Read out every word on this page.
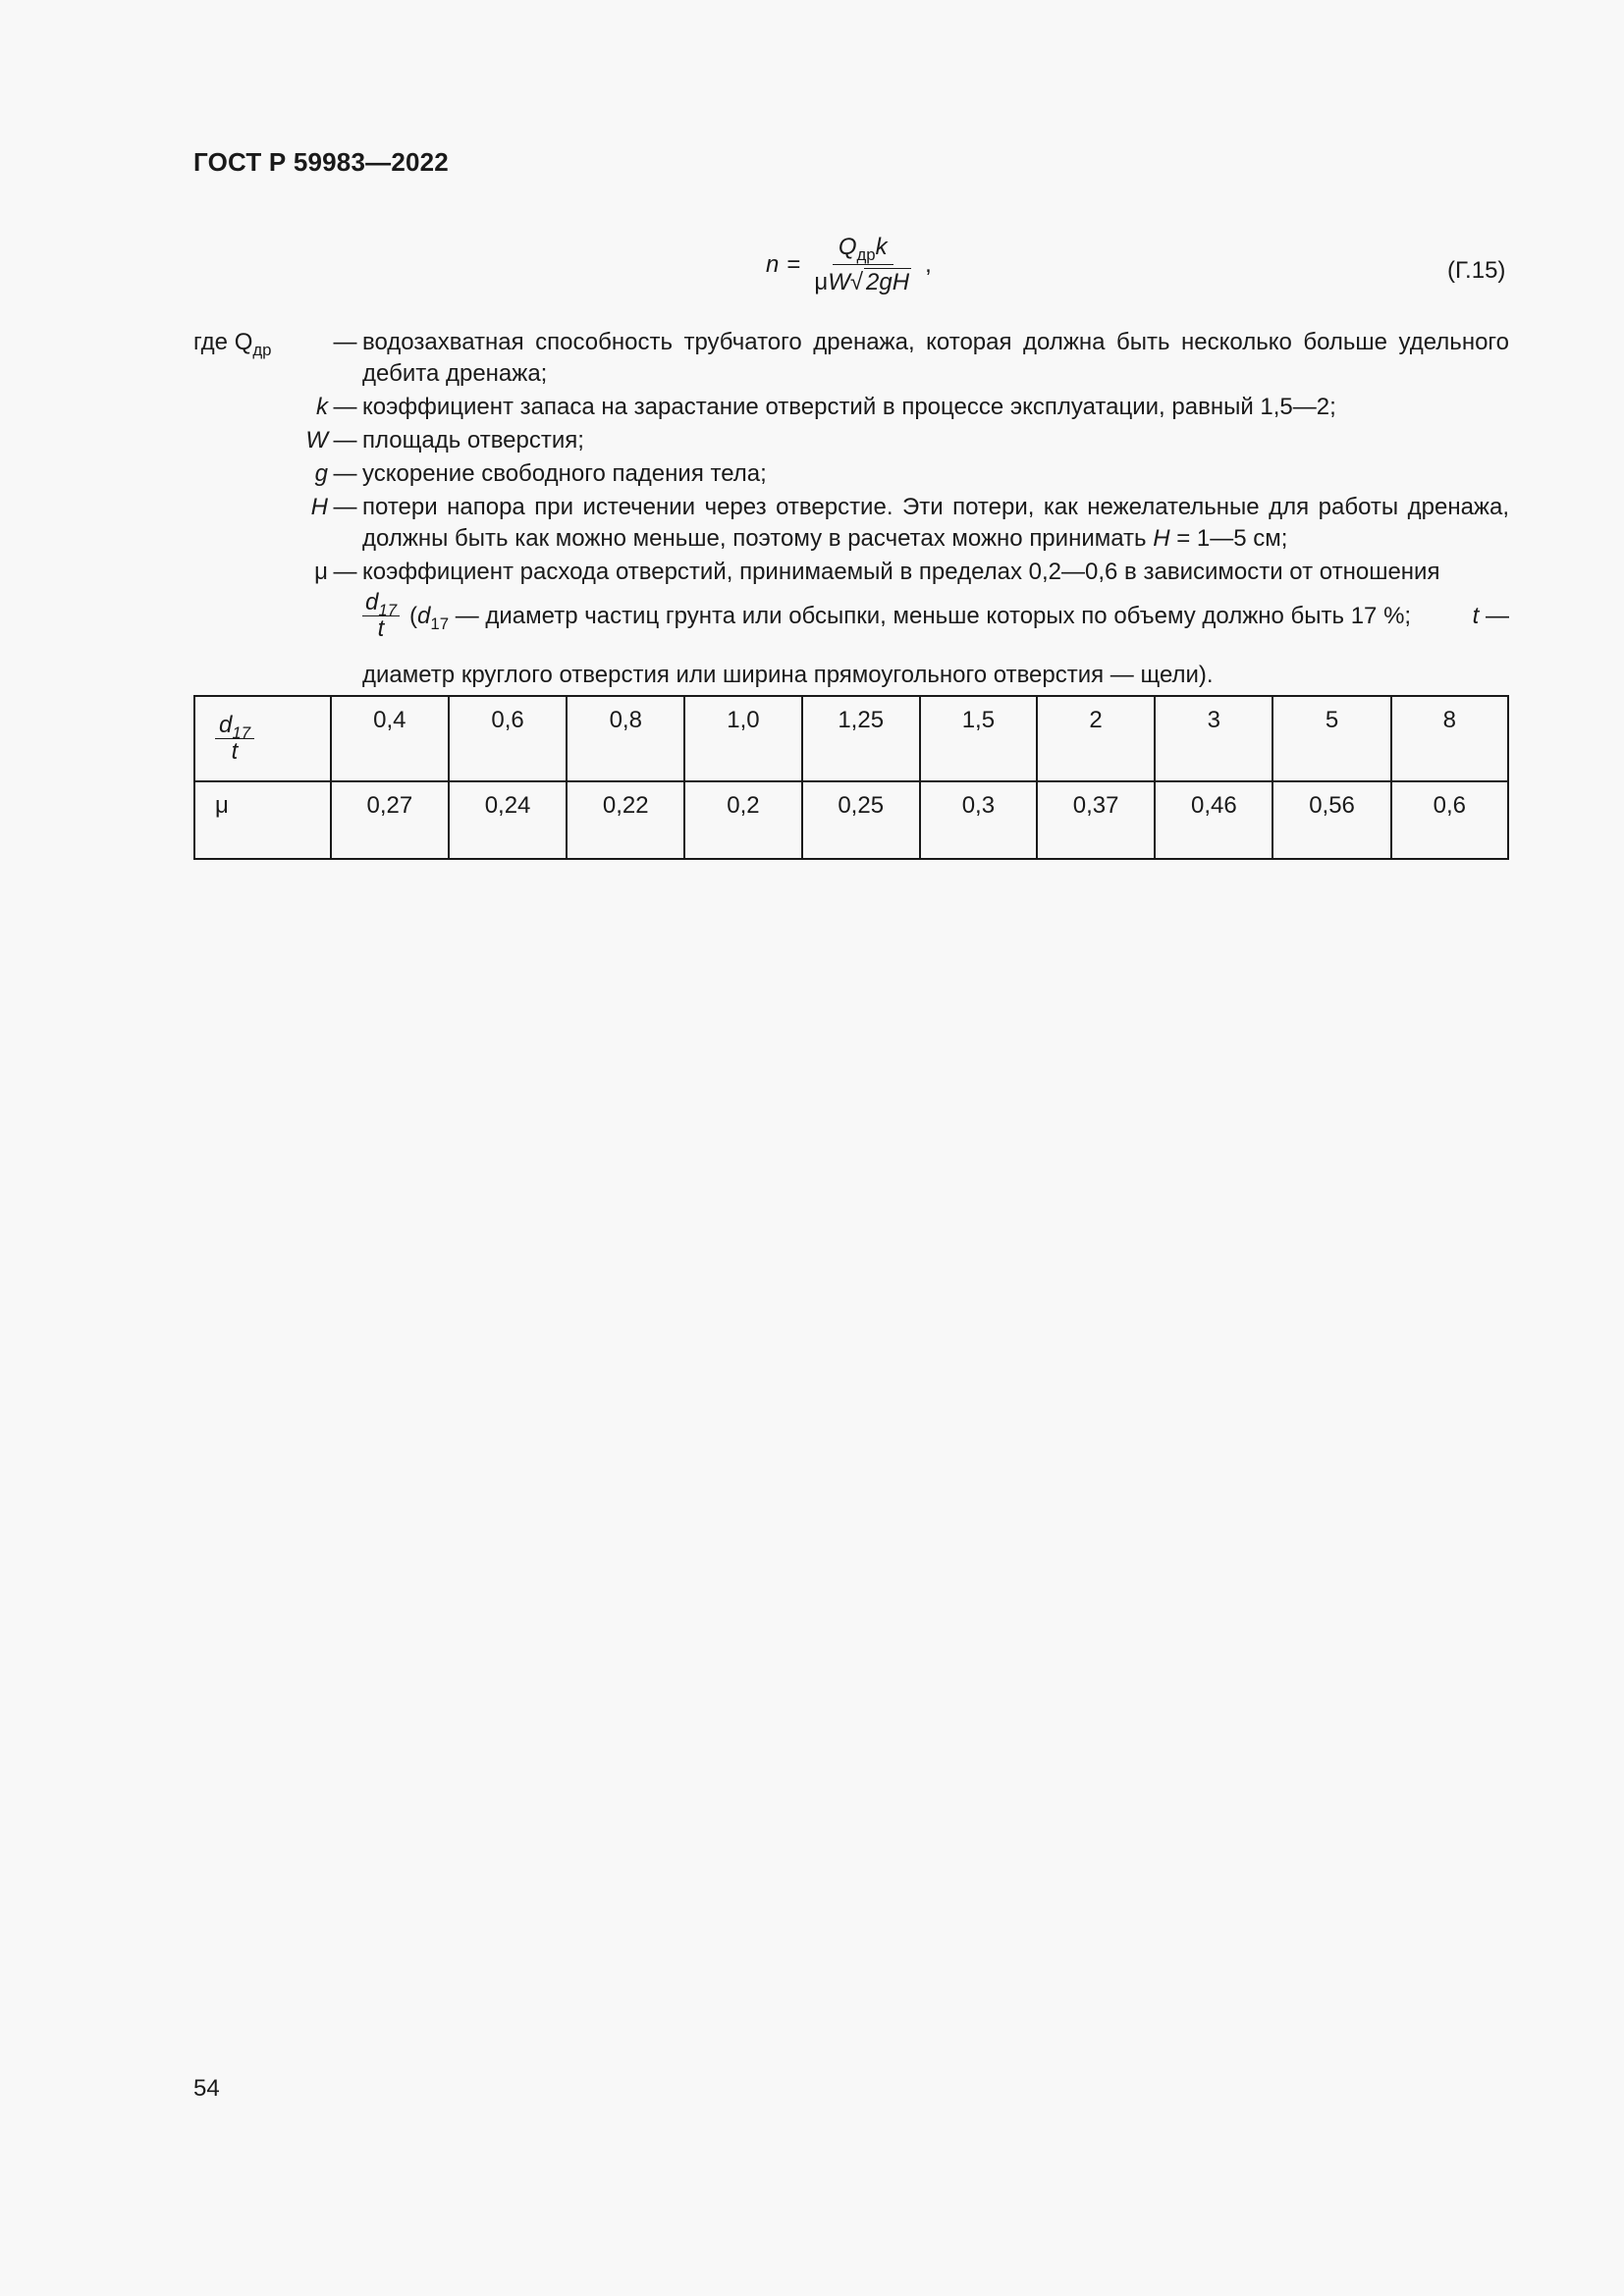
ГОСТ Р 59983—2022
$n = \frac{Q_{др}k}{\mu W√ 2gH}$ ,	(Г.15)
где $Q_{др}$	— водозахватная способность трубчатого дренажа, которая должна быть несколько больше удельного дебита дренажа;
k — коэффициент запаса на зарастание отверстий в процессе эксплуатации, равный 1,5—2;
W — площадь отверстия;
g — ускорение свободного падения тела;
H — потери напора при истечении через отверстие. Эти потери, как нежелательные для работы дренажа, должны быть как можно меньше, поэтому в расчетах можно принимать H = 1—5 см;
μ — коэффициент расхода отверстий, принимаемый в пределах 0,2—0,6 в зависимости от отношения
$\frac{d_{17}}{t} (d_{17}$ — диаметр частиц грунта или обсыпки, меньше которых по объему должно быть 17 %;	t —
диаметр круглого отверстия или ширина прямоугольного отверстия — щели).
$\frac{d_{17}}{t}$	0,4	0,6	0,8	1,0	1,25	1,5	2	3	5	8
μ	0,27	0,24	0,22	0,2	0,25	0,3	0,37	0,46	0,56	0,6
54
